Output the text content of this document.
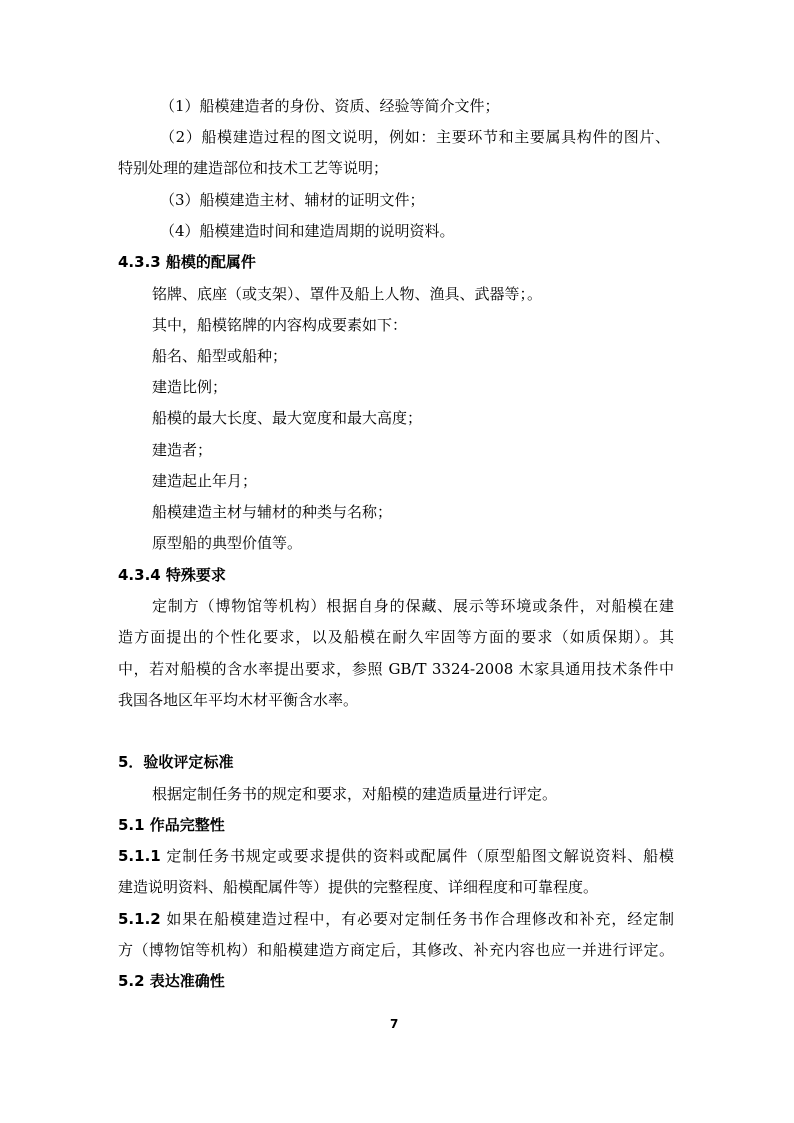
（1）船模建造者的身份、资质、经验等简介文件；
（2）船模建造过程的图文说明，例如：主要环节和主要属具构件的图片、
特别处理的建造部位和技术工艺等说明；
（3）船模建造主材、辅材的证明文件；
（4）船模建造时间和建造周期的说明资料。
4.3.3 船模的配属件
铭牌、底座（或支架）、罩件及船上人物、渔具、武器等；。
其中，船模铭牌的内容构成要素如下：
船名、船型或船种；
建造比例；
船模的最大长度、最大宽度和最大高度；
建造者；
建造起止年月；
船模建造主材与辅材的种类与名称；
原型船的典型价值等。
4.3.4 特殊要求
定制方（博物馆等机构）根据自身的保藏、展示等环境或条件，对船模在建
造方面提出的个性化要求，以及船模在耐久牢固等方面的要求（如质保期）。其
中，若对船模的含水率提出要求，参照 GB/T 3324-2008 木家具通用技术条件中
我国各地区年平均木材平衡含水率。
5．验收评定标准
根据定制任务书的规定和要求，对船模的建造质量进行评定。
5.1 作品完整性
5.1.1 定制任务书规定或要求提供的资料或配属件（原型船图文解说资料、船模
建造说明资料、船模配属件等）提供的完整程度、详细程度和可靠程度。
5.1.2 如果在船模建造过程中，有必要对定制任务书作合理修改和补充，经定制
方（博物馆等机构）和船模建造方商定后，其修改、补充内容也应一并进行评定。
5.2 表达准确性
7
